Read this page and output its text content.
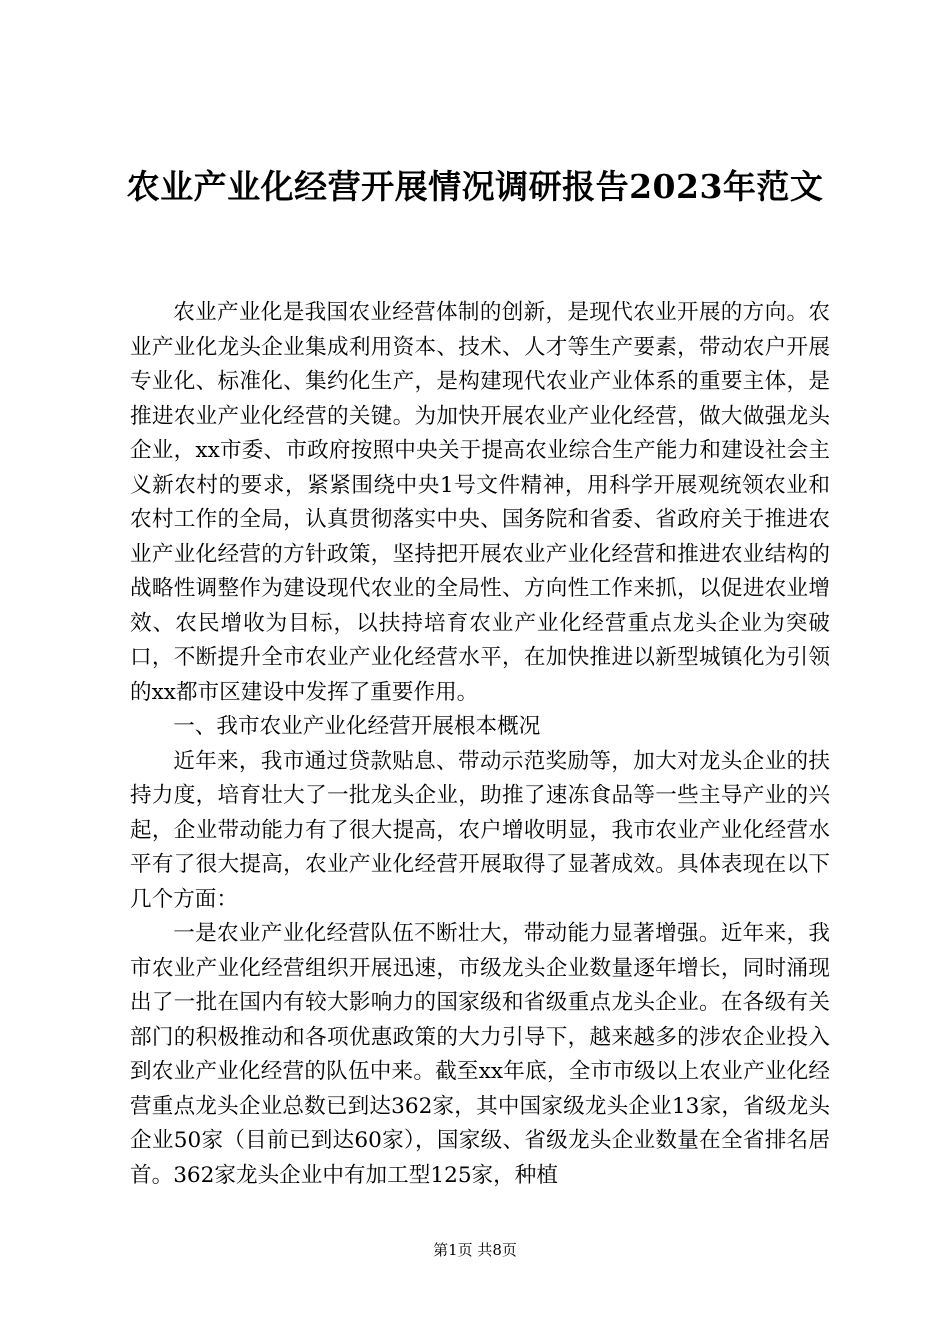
农业产业化经营开展情况调研报告2023年范文

农业产业化是我国农业经营体制的创新，是现代农业开展的方向。农业产业化龙头企业集成利用资本、技术、人才等生产要素，带动农户开展专业化、标准化、集约化生产，是构建现代农业产业体系的重要主体，是推进农业产业化经营的关键。为加快开展农业产业化经营，做大做强龙头企业，xx市委、市政府按照中央关于提高农业综合生产能力和建设社会主义新农村的要求，紧紧围绕中央1号文件精神，用科学开展观统领农业和农村工作的全局，认真贯彻落实中央、国务院和省委、省政府关于推进农业产业化经营的方针政策，坚持把开展农业产业化经营和推进农业结构的战略性调整作为建设现代农业的全局性、方向性工作来抓，以促进农业增效、农民增收为目标，以扶持培育农业产业化经营重点龙头企业为突破口，不断提升全市农业产业化经营水平，在加快推进以新型城镇化为引领的xx都市区建设中发挥了重要作用。

一、我市农业产业化经营开展根本概况

近年来，我市通过贷款贴息、带动示范奖励等，加大对龙头企业的扶持力度，培育壮大了一批龙头企业，助推了速冻食品等一些主导产业的兴起，企业带动能力有了很大提高，农户增收明显，我市农业产业化经营水平有了很大提高，农业产业化经营开展取得了显著成效。具体表现在以下几个方面：

一是农业产业化经营队伍不断壮大，带动能力显著增强。近年来，我市农业产业化经营组织开展迅速，市级龙头企业数量逐年增长，同时涌现出了一批在国内有较大影响力的国家级和省级重点龙头企业。在各级有关部门的积极推动和各项优惠政策的大力引导下，越来越多的涉农企业投入到农业产业化经营的队伍中来。截至xx年底，全市市级以上农业产业化经营重点龙头企业总数已到达362家，其中国家级龙头企业13家，省级龙头企业50家（目前已到达60家），国家级、省级龙头企业数量在全省排名居首。362家龙头企业中有加工型125家，种植

第1页 共8页
